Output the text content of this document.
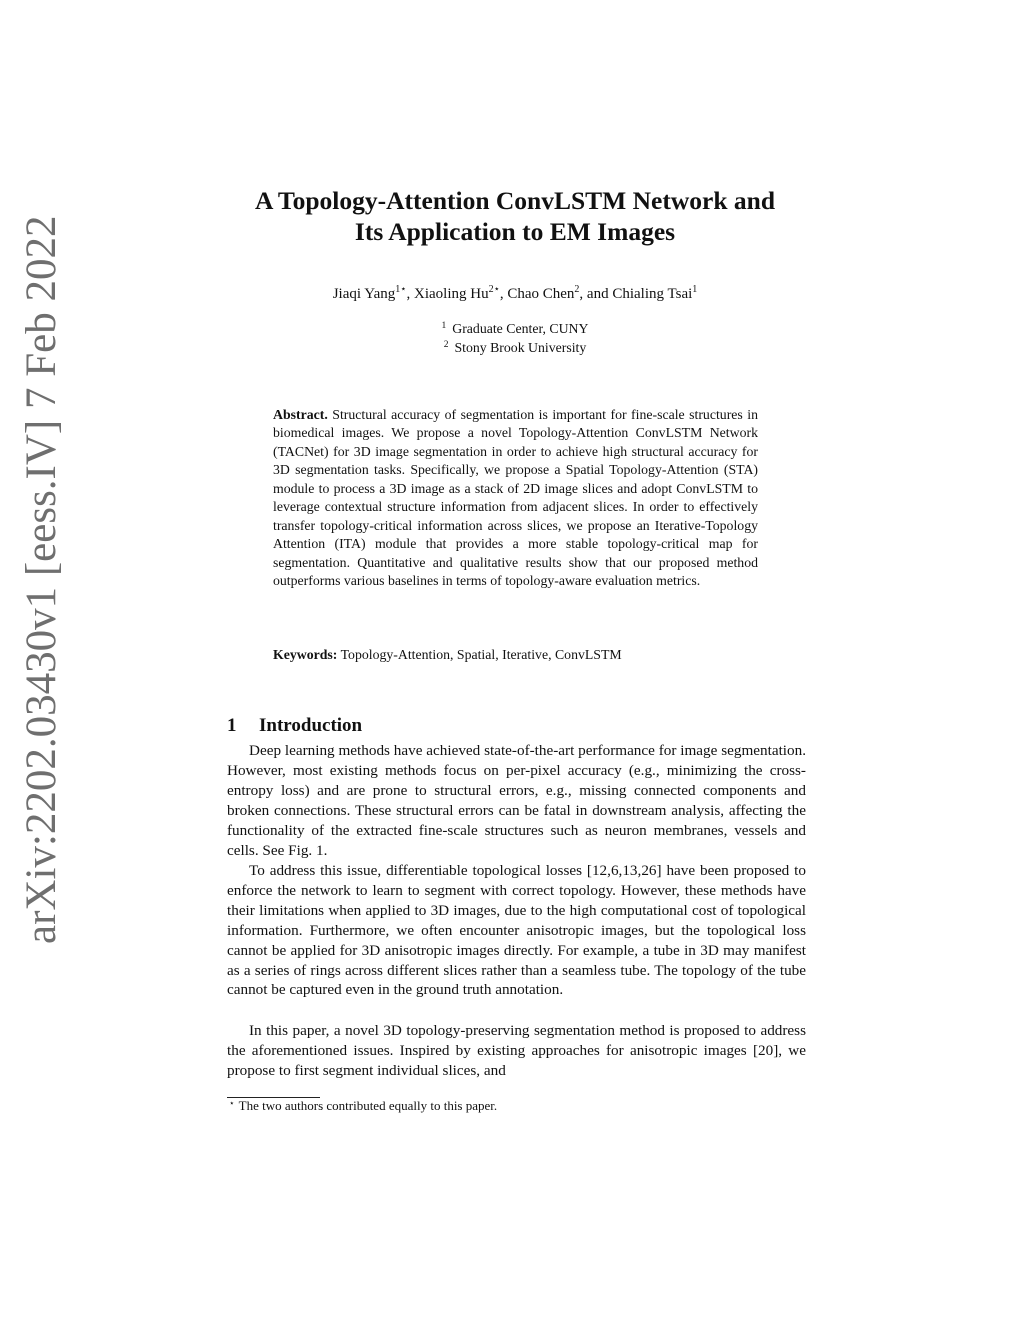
arXiv:2202.03430v1 [eess.IV] 7 Feb 2022
A Topology-Attention ConvLSTM Network and
Its Application to EM Images
Jiaqi Yang$^{1⋆}$, Xiaoling $Hu^{2⋆}$, Chao Chen$^2$, and Chialing Tsai$^1$
$^1$ Graduate Center, CUNY
$^2$ Stony Brook University

Abstract. Structural accuracy of segmentation is important for fine-scale structures in biomedical images. We propose a novel Topology-Attention ConvLSTM Network (TACNet) for 3D image segmentation in order to achieve high structural accuracy for 3D segmentation tasks. Specifically, we propose a Spatial Topology-Attention (STA) module to process a 3D image as a stack of 2D image slices and adopt ConvLSTM to leverage contextual structure information from adjacent slices. In order to effectively transfer topology-critical information across slices, we propose an Iterative-Topology Attention (ITA) module that provides a more stable topology-critical map for segmentation. Quantitative and qualitative results show that our proposed method outperforms various baselines in terms of topology-aware evaluation metrics.

Keywords: Topology-Attention, Spatial, Iterative, ConvLSTM
1 Introduction

Deep learning methods have achieved state-of-the-art performance for image segmentation. However, most existing methods focus on per-pixel accuracy (e.g., minimizing the cross-entropy loss) and are prone to structural errors, e.g., missing connected components and broken connections. These structural errors can be fatal in downstream analysis, affecting the functionality of the extracted fine-scale structures such as neuron membranes, vessels and cells. See Fig. 1.

To address this issue, differentiable topological losses [12,6,13,26] have been proposed to enforce the network to learn to segment with correct topology. However, these methods have their limitations when applied to 3D images, due to the high computational cost of topological information. Furthermore, we often encounter anisotropic images, but the topological loss cannot be applied for 3D anisotropic images directly. For example, a tube in 3D may manifest as a series of rings across different slices rather than a seamless tube. The topology of the tube cannot be captured even in the ground truth annotation.

In this paper, a novel 3D topology-preserving segmentation method is proposed to address the aforementioned issues. Inspired by existing approaches for anisotropic images [20], we propose to first segment individual slices, and

⋆ The two authors contributed equally to this paper.
